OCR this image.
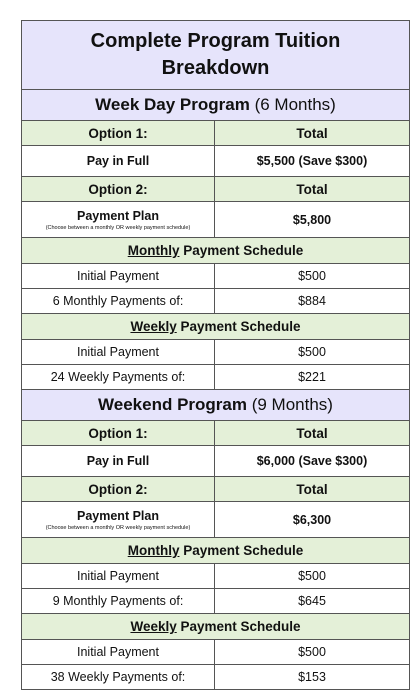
Complete Program Tuition Breakdown	
Week Day Program (6 Months)	
Option 1:	Total
Pay in Full	$5,500 (Save $300)
Option 2:	Total
Payment Plan
(Choose between a monthly OR weekly payment schedule)	$5,800
Monthly Payment Schedule	
Initial Payment	$500
6 Monthly Payments of:	$884
Weekly Payment Schedule	
Initial Payment	$500
24 Weekly Payments of:	$221
Weekend Program (9 Months)	
Option 1:	Total
Pay in Full	$6,000 (Save $300)
Option 2:	Total
Payment Plan
(Choose between a monthly OR weekly payment schedule)	$6,300
Monthly Payment Schedule	
Initial Payment	$500
9 Monthly Payments of:	$645
Weekly Payment Schedule	
Initial Payment	$500
38 Weekly Payments of:	$153
